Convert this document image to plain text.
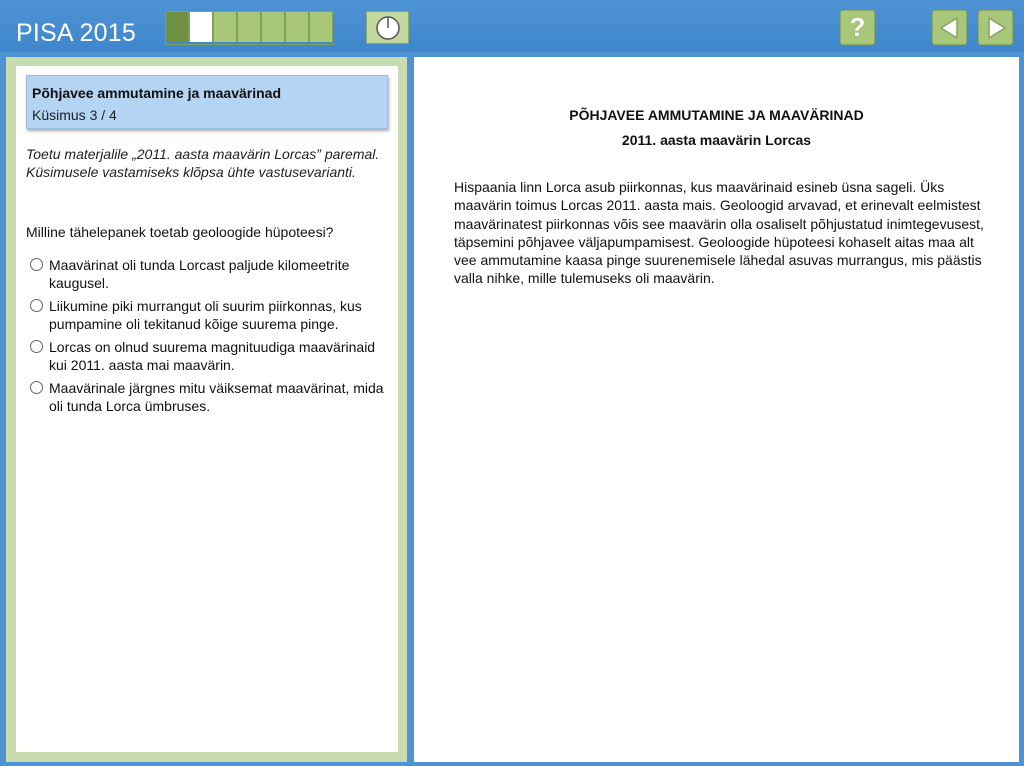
PISA 2015	?
Põhjavee ammutamine ja maavärinad
Küsimus 3 / 4
Toetu materjalile „2011. aasta maavärin Lorcas” paremal. Küsimusele vastamiseks klõpsa ühte vastusevarianti.
Milline tähelepanek toetab geoloogide hüpoteesi?
Maavärinat oli tunda Lorcast paljude kilomeetrite kaugusel.
Liikumine piki murrangut oli suurim piirkonnas, kus pumpamine oli tekitanud kõige suurema pinge.
Lorcas on olnud suurema magnituudiga maavärinaid kui 2011. aasta mai maavärin.
Maavärinale järgnes mitu väiksemat maavärinat, mida oli tunda Lorca ümbruses.
PÕHJAVEE AMMUTAMINE JA MAAVÄRINAD
2011. aasta maavärin Lorcas
Hispaania linn Lorca asub piirkonnas, kus maavärinaid esineb üsna sageli. Üks maavärin toimus Lorcas 2011. aasta mais. Geoloogid arvavad, et erinevalt eelmistest maavärinatest piirkonnas võis see maavärin olla osaliselt põhjustatud inimtegevusest, täpsemini põhjavee väljapumpamisest. Geoloogide hüpoteesi kohaselt aitas maa alt vee ammutamine kaasa pinge suurenemisele lähedal asuvas murrangus, mis päästis valla nihke, mille tulemuseks oli maavärin.
